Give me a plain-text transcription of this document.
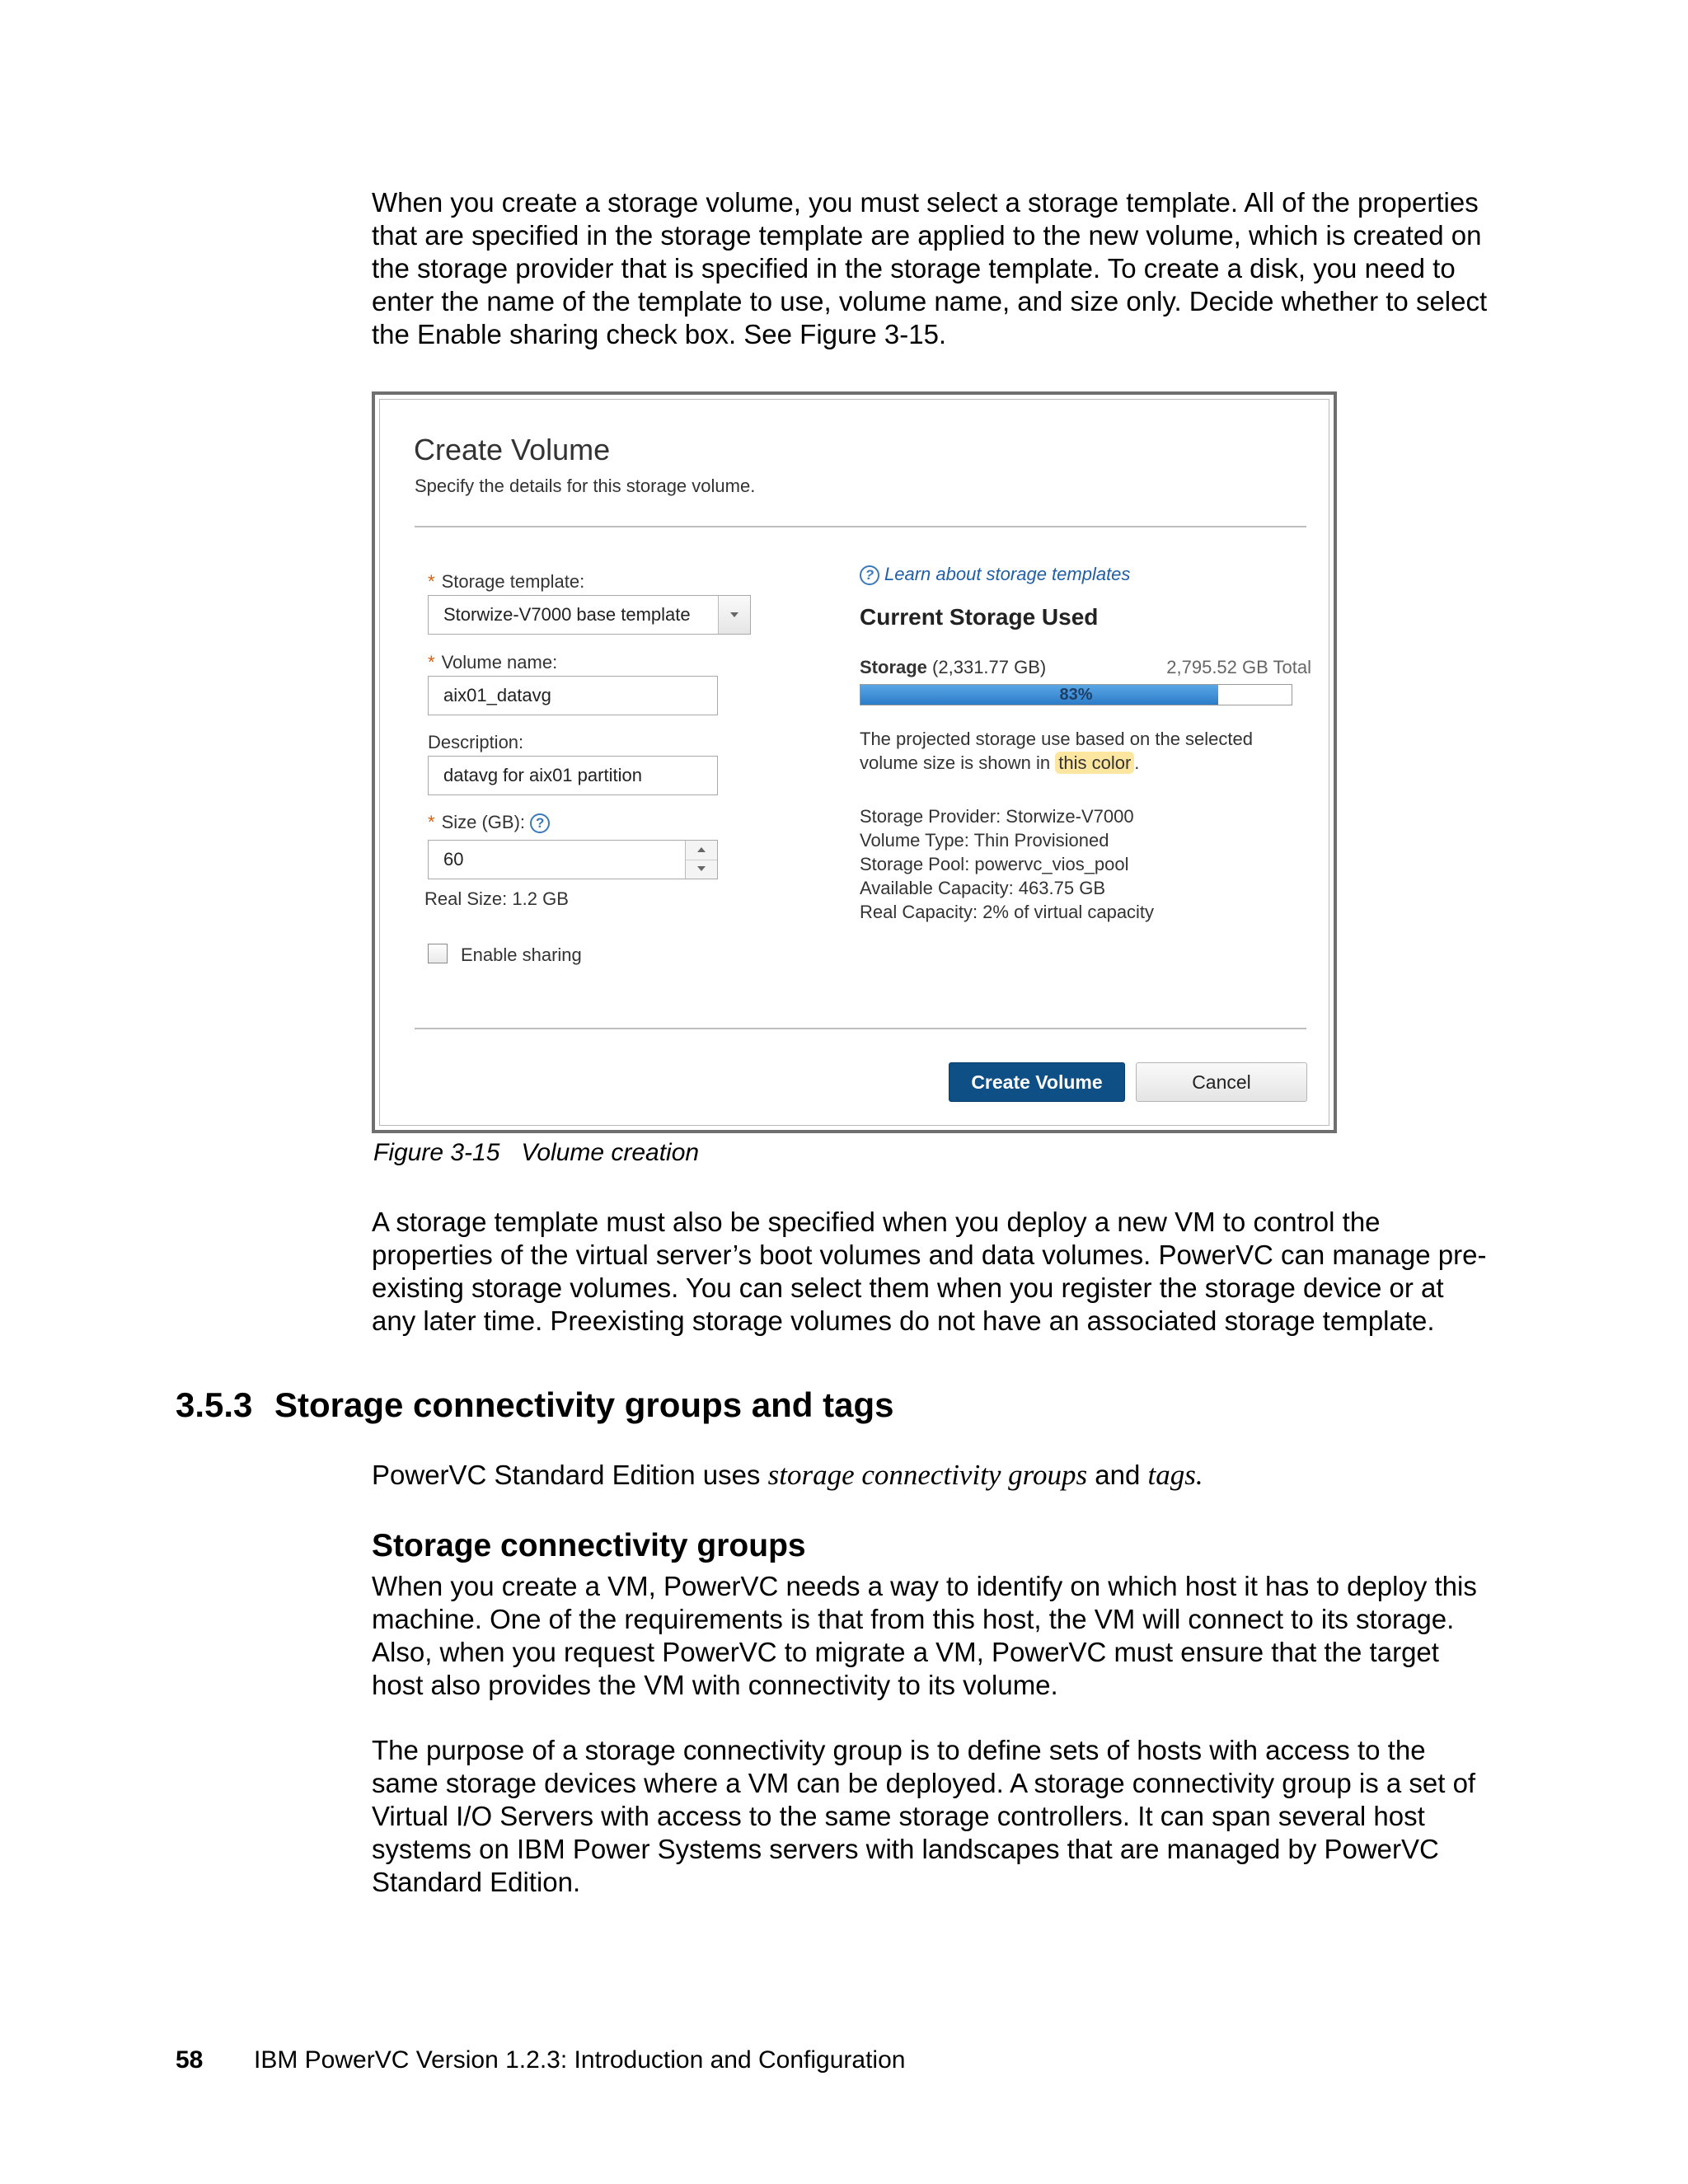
When you create a storage volume, you must select a storage template. All of the properties that are specified in the storage template are applied to the new volume, which is created on the storage provider that is specified in the storage template. To create a disk, you need to enter the name of the template to use, volume name, and size only. Decide whether to select the Enable sharing check box. See Figure 3-15.

Create Volume
Specify the details for this storage volume.
* Storage template:
Storwize-V7000 base template
* Volume name:
aix01_datavg
Description:
datavg for aix01 partition
* Size (GB): ?
60
Real Size: 1.2 GB
Enable sharing
? Learn about storage templates
Current Storage Used
Storage (2,331.77 GB)	2,795.52 GB Total
83%
The projected storage use based on the selected volume size is shown in this color .
Storage Provider: Storwize-V7000
Volume Type: Thin Provisioned
Storage Pool: powervc_vios_pool
Available Capacity: 463.75 GB
Real Capacity: 2% of virtual capacity
Create Volume	Cancel
Figure 3-15 Volume creation

A storage template must also be specified when you deploy a new VM to control the properties of the virtual server’s boot volumes and data volumes. PowerVC can manage pre-existing storage volumes. You can select them when you register the storage device or at any later time. Preexisting storage volumes do not have an associated storage template.

3.5.3 Storage connectivity groups and tags

PowerVC Standard Edition uses storage connectivity groups and tags.

Storage connectivity groups

When you create a VM, PowerVC needs a way to identify on which host it has to deploy this machine. One of the requirements is that from this host, the VM will connect to its storage. Also, when you request PowerVC to migrate a VM, PowerVC must ensure that the target host also provides the VM with connectivity to its volume.

The purpose of a storage connectivity group is to define sets of hosts with access to the same storage devices where a VM can be deployed. A storage connectivity group is a set of Virtual I/O Servers with access to the same storage controllers. It can span several host systems on IBM Power Systems servers with landscapes that are managed by PowerVC Standard Edition.

58 IBM PowerVC Version 1.2.3: Introduction and Configuration
